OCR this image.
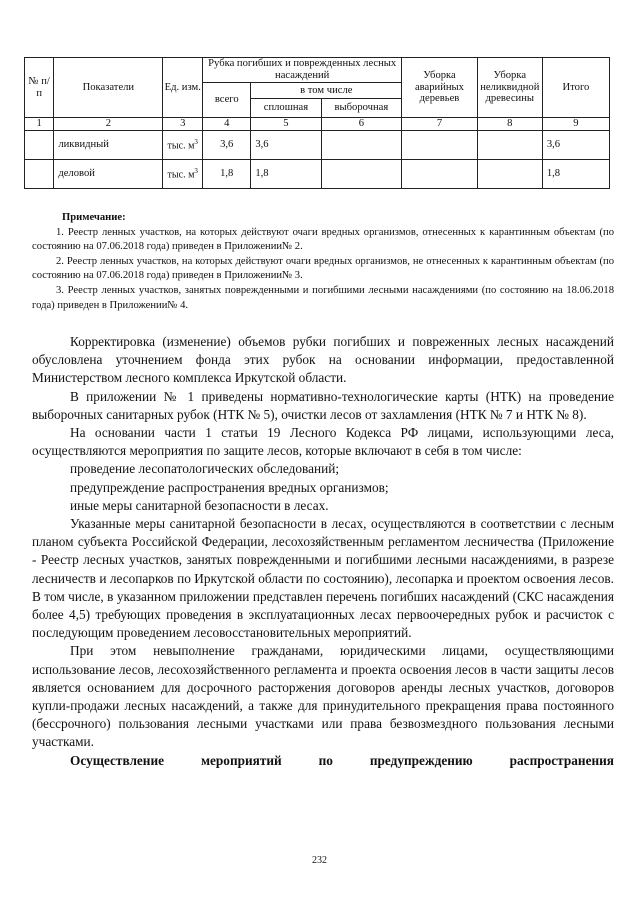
№ п/п	Показатели	Ед. изм.	Рубка погибших и поврежденных лесных насаждений			Уборка аварийных деревьев	Уборка неликвидной древесины	Итого
			всего	в том числе				
				сплошная	выборочная			
1	2	3	4	5	6	7	8	9
	ликвидный	тыс. $м^3$	3,6	3,6				3,6
	деловой	тыс. $м^3$	1,8	1,8				1,8
Примечание:

1. Реестр ленных участков, на которых действуют очаги вредных организмов, отнесенных к карантинным объектам (по состоянию на 07.06.2018 года) приведен в Приложении№ 2.

2. Реестр ленных участков, на которых действуют очаги вредных организмов, не отнесенных к карантинным объектам (по состоянию на 07.06.2018 года) приведен в Приложении№ 3.

3. Реестр ленных участков, занятых поврежденными и погибшими лесными насаждениями (по состоянию на 18.06.2018 года) приведен в Приложении№ 4.

Корректировка (изменение) объемов рубки погибших и повреженных лесных насаждений обусловлена уточнением фонда этих рубок на основании информации, предоставленной Министерством лесного комплекса Иркутской области.

В приложении № 1 приведены нормативно-технологические карты (НТК) на проведение выборочных санитарных рубок (НТК № 5), очистки лесов от захламления (НТК № 7 и НТК № 8).

На основании части 1 статьи 19 Лесного Кодекса РФ лицами, использующими леса, осуществляются мероприятия по защите лесов, которые включают в себя в том числе:

проведение лесопатологических обследований;

предупреждение распространения вредных организмов;

иные меры санитарной безопасности в лесах.

Указанные меры санитарной безопасности в лесах, осуществляются в соответствии с лесным планом субъекта Российской Федерации, лесохозяйственным регламентом лесничества (Приложение - Реестр лесных участков, занятых поврежденными и погибшими лесными насаждениями, в разрезе лесничеств и лесопарков по Иркутской области по состоянию), лесопарка и проектом освоения лесов. В том числе, в указанном приложении представлен перечень погибших насаждений (СКС насаждения более 4,5) требующих проведения в эксплуатационных лесах первоочередных рубок и расчисток с последующим проведением лесовосстановительных мероприятий.

При этом невыполнение гражданами, юридическими лицами, осуществляющими использование лесов, лесохозяйственного регламента и проекта освоения лесов в части защиты лесов является основанием для досрочного расторжения договоров аренды лесных участков, договоров купли-продажи лесных насаждений, а также для принудительного прекращения права постоянного (бессрочного) пользования лесными участками или права безвозмездного пользования лесными участками.

Осуществление мероприятий по предупреждению распространения

232
